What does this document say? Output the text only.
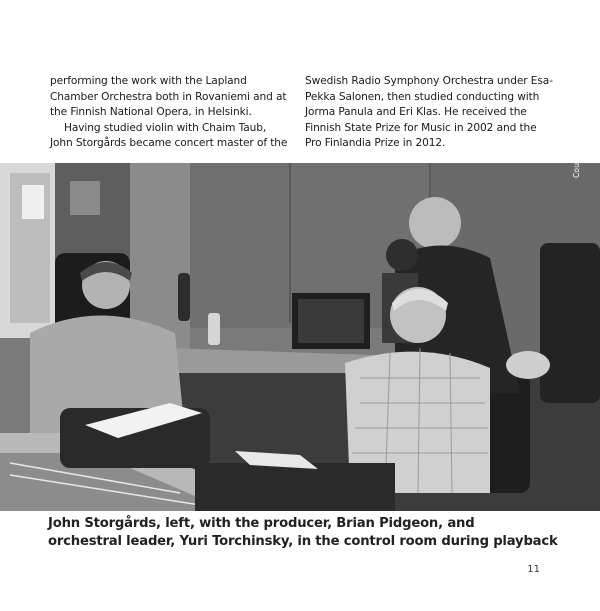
performing the work with the Lapland Chamber Orchestra both in Rovaniemi and at the Finnish National Opera, in Helsinki.

Having studied violin with Chaim Taub, John Storgårds became concert master of the

Swedish Radio Symphony Orchestra under Esa-Pekka Salonen, then studied conducting with Jorma Panula and Eri Klas. He received the Finnish State Prize for Music in 2002 and the Pro Finlandia Prize in 2012.	Courtesy of Brian Pidgeon
John Storgårds, left, with the producer, Brian Pidgeon, and
orchestral leader, Yuri Torchinsky, in the control room during playback
11
